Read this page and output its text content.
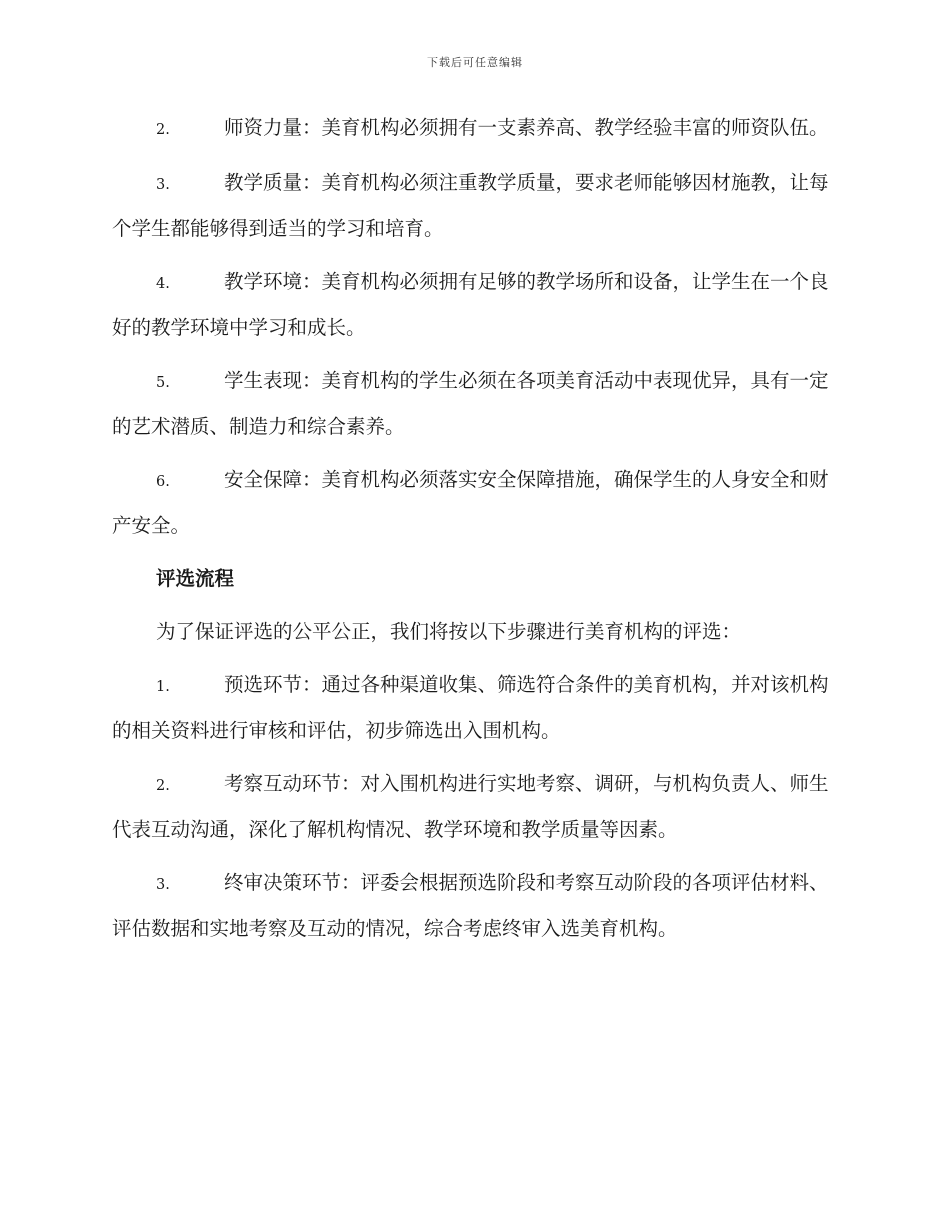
下载后可任意编辑
2.	师资力量：美育机构必须拥有一支素养高、教学经验丰富的师资队伍。
3.	教学质量：美育机构必须注重教学质量，要求老师能够因材施教，让每个学生都能够得到适当的学习和培育。
4.	教学环境：美育机构必须拥有足够的教学场所和设备，让学生在一个良好的教学环境中学习和成长。
5.	学生表现：美育机构的学生必须在各项美育活动中表现优异，具有一定的艺术潜质、制造力和综合素养。
6.	安全保障：美育机构必须落实安全保障措施，确保学生的人身安全和财产安全。
评选流程
为了保证评选的公平公正，我们将按以下步骤进行美育机构的评选：
1.	预选环节：通过各种渠道收集、筛选符合条件的美育机构，并对该机构的相关资料进行审核和评估，初步筛选出入围机构。
2.	考察互动环节：对入围机构进行实地考察、调研，与机构负责人、师生代表互动沟通，深化了解机构情况、教学环境和教学质量等因素。
3.	终审决策环节：评委会根据预选阶段和考察互动阶段的各项评估材料、评估数据和实地考察及互动的情况，综合考虑终审入选美育机构。
